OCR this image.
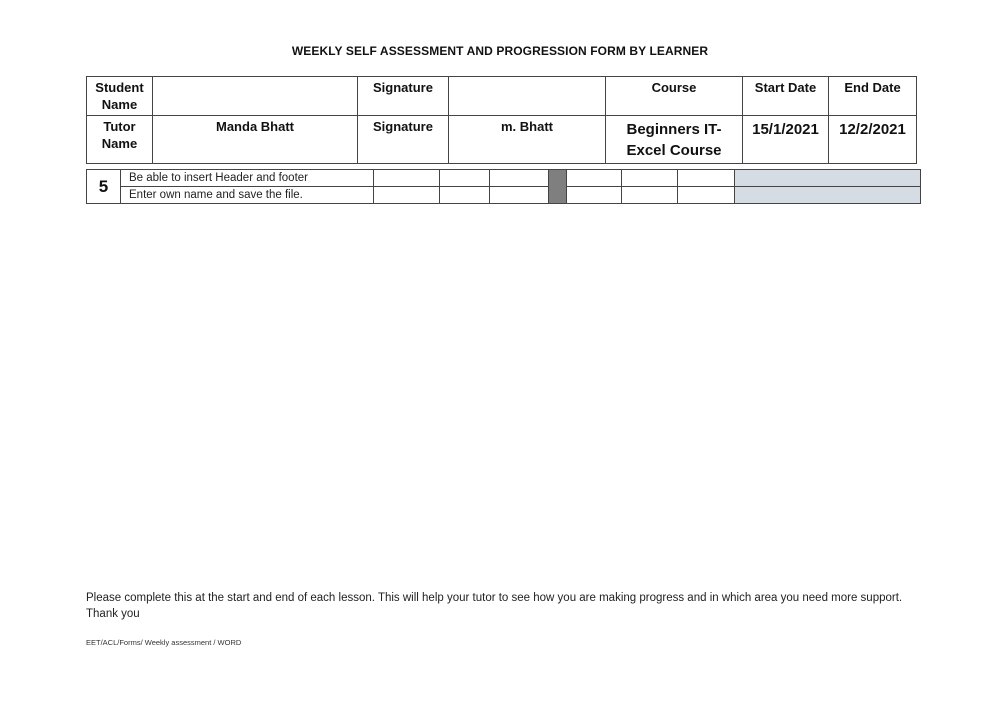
WEEKLY SELF ASSESSMENT AND PROGRESSION FORM BY LEARNER
Student Name		Signature		Course	Start Date	End Date
Tutor Name	Manda Bhatt	Signature	m. Bhatt	Beginners IT- Excel Course	15/1/2021	12/2/2021
5	Be able to insert Header and footer								
	Enter own name and save the file.								
Please complete this at the start and end of each lesson. This will help your tutor to see how you are making progress and in which area you need more support. Thank you
EET/ACL/Forms/ Weekly assessment / WORD
